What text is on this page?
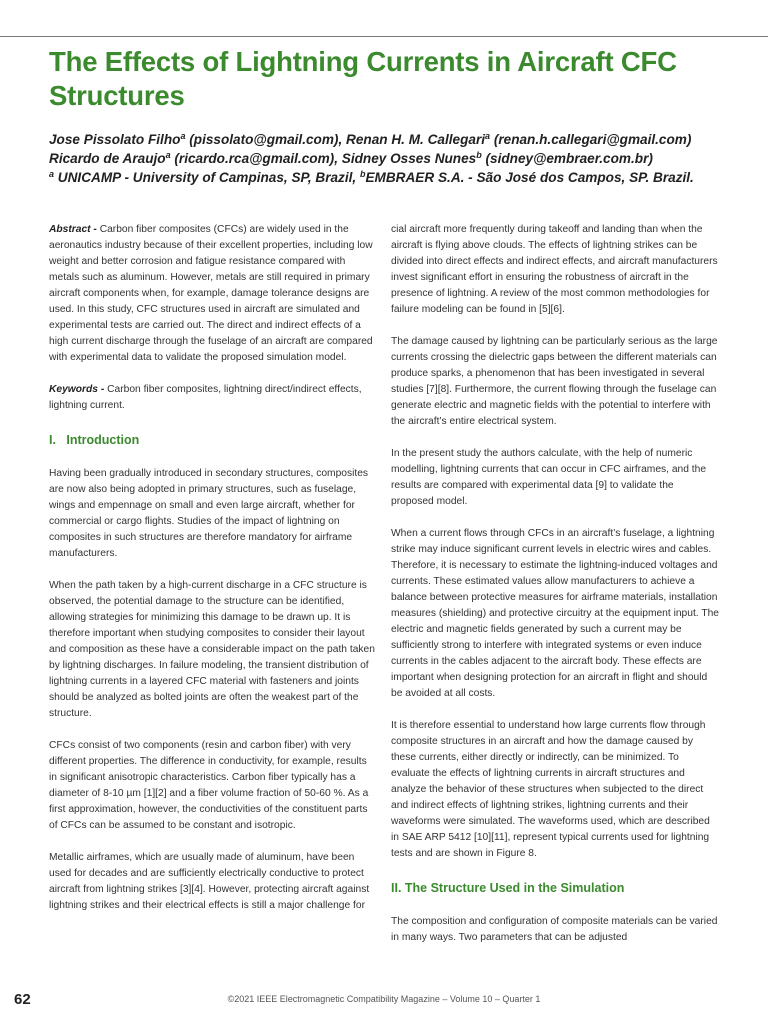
The Effects of Lightning Currents in Aircraft CFC Structures
Jose Pissolato Filho$^a$ (pissolato@gmail.com), Renan H. M. Callegari$^a$ (renan.h.callegari@gmail.com)
Ricardo de Araujo$^a$ (ricardo.rca@gmail.com), Sidney Osses Nunes$^b$ (sidney@embraer.com.br)
$^a$ UNICAMP - University of Campinas, SP, Brazil, $^b$EMBRAER S.A. - São José dos Campos, SP. Brazil.

Abstract - Carbon fiber composites (CFCs) are widely used in the aeronautics industry because of their excellent properties, including low weight and better corrosion and fatigue resistance compared with metals such as aluminum. However, metals are still required in primary aircraft components when, for example, damage tolerance designs are used. In this study, CFC structures used in aircraft are simulated and experimental tests are carried out. The direct and indirect effects of a high current discharge through the fuselage of an aircraft are compared with experimental data to validate the proposed simulation model.

Keywords - Carbon fiber composites, lightning direct/indirect effects, lightning current.

I.   Introduction

Having been gradually introduced in secondary structures, composites are now also being adopted in primary structures, such as fuselage, wings and empennage on small and even large aircraft, whether for commercial or cargo flights. Studies of the impact of lightning on composites in such structures are therefore mandatory for airframe manufacturers.

When the path taken by a high-current discharge in a CFC structure is observed, the potential damage to the structure can be identified, allowing strategies for minimizing this damage to be drawn up. It is therefore important when studying composites to consider their layout and composition as these have a considerable impact on the path taken by lightning discharges. In failure modeling, the transient distribution of lightning currents in a layered CFC material with fasteners and joints should be analyzed as bolted joints are often the weakest part of the structure.

CFCs consist of two components (resin and carbon fiber) with very different properties. The difference in conductivity, for example, results in significant anisotropic characteristics. Carbon fiber typically has a diameter of 8-10 µm [1][2] and a fiber volume fraction of 50-60 %. As a first approximation, however, the conductivities of the constituent parts of CFCs can be assumed to be constant and isotropic.

Metallic airframes, which are usually made of aluminum, have been used for decades and are sufficiently electrically conductive to protect aircraft from lightning strikes [3][4]. However, protecting aircraft against lightning strikes and their electrical effects is still a major challenge for

cial aircraft more frequently during takeoff and landing than when the aircraft is flying above clouds. The effects of lightning strikes can be divided into direct effects and indirect effects, and aircraft manufacturers invest significant effort in ensuring the robustness of aircraft in the presence of lightning. A review of the most common methodologies for failure modeling can be found in [5][6].

The damage caused by lightning can be particularly serious as the large currents crossing the dielectric gaps between the different materials can produce sparks, a phenomenon that has been investigated in several studies [7][8]. Furthermore, the current flowing through the fuselage can generate electric and magnetic fields with the potential to interfere with the aircraft’s entire electrical system.

In the present study the authors calculate, with the help of numeric modelling, lightning currents that can occur in CFC airframes, and the results are compared with experimental data [9] to validate the proposed model.

When a current flows through CFCs in an aircraft’s fuselage, a lightning strike may induce significant current levels in electric wires and cables. Therefore, it is necessary to estimate the lightning-induced voltages and currents. These estimated values allow manufacturers to achieve a balance between protective measures for airframe materials, installation measures (shielding) and protective circuitry at the equipment input. The electric and magnetic fields generated by such a current may be sufficiently strong to interfere with integrated systems or even induce currents in the cables adjacent to the aircraft body. These effects are important when designing protection for an aircraft in flight and should be avoided at all costs.

It is therefore essential to understand how large currents flow through composite structures in an aircraft and how the damage caused by these currents, either directly or indirectly, can be minimized. To evaluate the effects of lightning currents in aircraft structures and analyze the behavior of these structures when subjected to the direct and indirect effects of lightning strikes, lightning currents and their waveforms were simulated. The waveforms used, which are described in SAE ARP 5412 [10][11], represent typical currents used for lightning tests and are shown in Figure 8.

II. The Structure Used in the Simulation

The composition and configuration of composite materials can be varied in many ways. Two parameters that can be adjusted

62	©2021 IEEE Electromagnetic Compatibility Magazine – Volume 10 – Quarter 1
